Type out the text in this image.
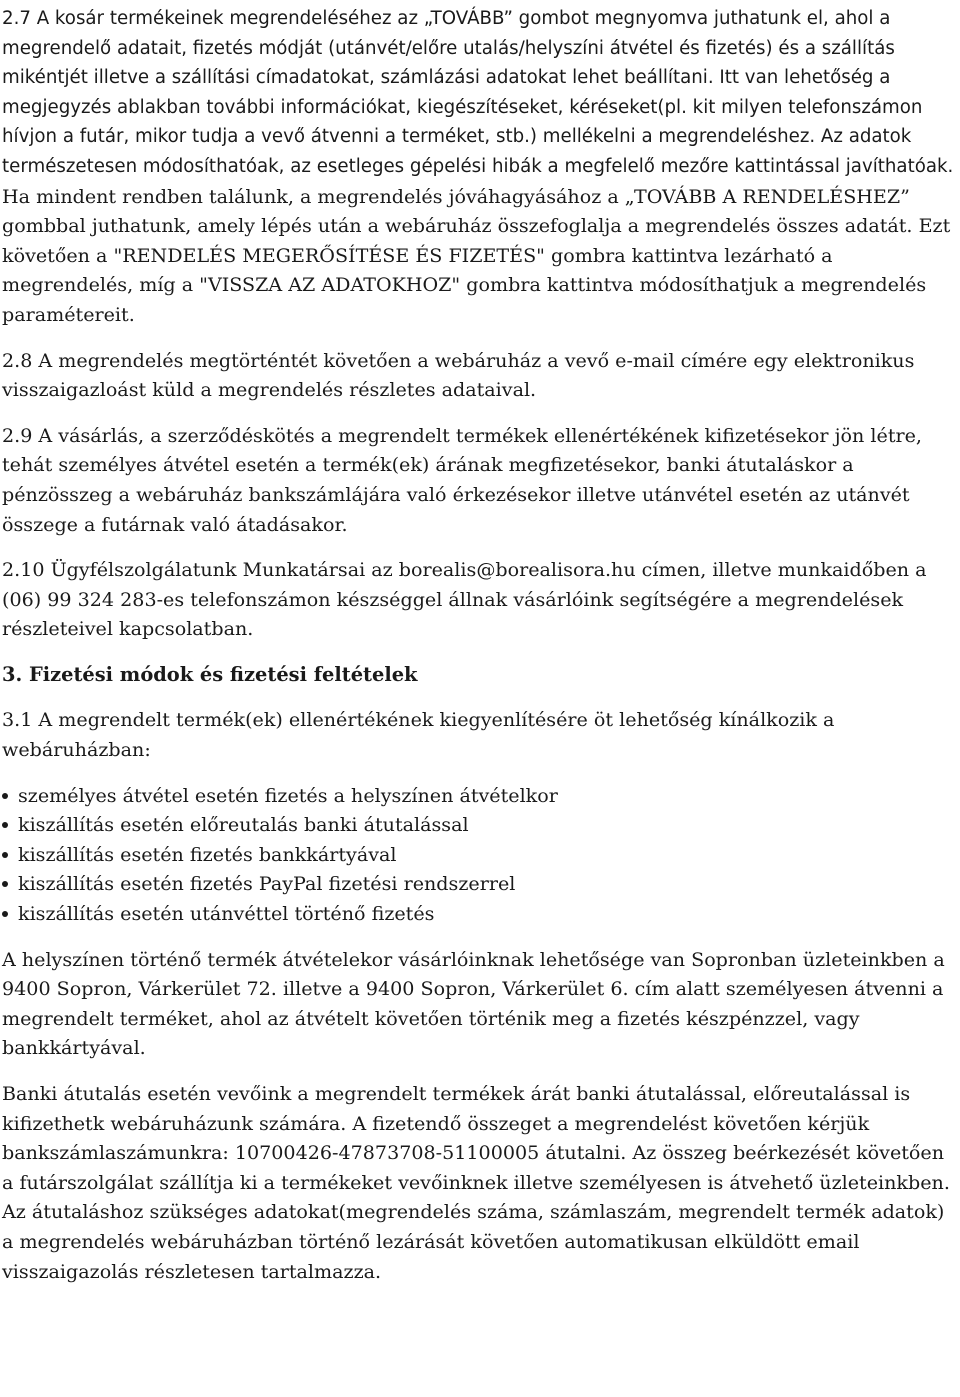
2.7 A kosár termékeinek megrendeléséhez az „TOVÁBB” gombot megnyomva juthatunk el, ahol a megrendelő adatait, fizetés módját (utánvét/előre utalás/helyszíni átvétel és fizetés) és a szállítás mikéntjét illetve a szállítási címadatokat, számlázási adatokat lehet beállítani. Itt van lehetőség a megjegyzés ablakban további információkat, kiegészítéseket, kéréseket(pl. kit milyen telefonszámon hívjon a futár, mikor tudja a vevő átvenni a terméket, stb.) mellékelni a megrendeléshez. Az adatok természetesen módosíthatóak, az esetleges gépelési hibák a megfelelő mezőre kattintással javíthatóak.

Ha mindent rendben találunk, a megrendelés jóváhagyásához a „TOVÁBB A RENDELÉSHEZ” gombbal juthatunk, amely lépés után a webáruház összefoglalja a megrendelés összes adatát. Ezt követően a "RENDELÉS MEGERŐSÍTÉSE ÉS FIZETÉS" gombra kattintva lezárható a megrendelés, míg a "VISSZA AZ ADATOKHOZ" gombra kattintva módosíthatjuk a megrendelés paramétereit.

2.8 A megrendelés megtörténtét követően a webáruház a vevő e-mail címére egy elektronikus visszaigazloást küld a megrendelés részletes adataival.

2.9 A vásárlás, a szerződéskötés a megrendelt termékek ellenértékének kifizetésekor jön létre, tehát személyes átvétel esetén a termék(ek) árának megfizetésekor, banki átutaláskor a pénzösszeg a webáruház bankszámlájára való érkezésekor illetve utánvétel esetén az utánvét összege a futárnak való átadásakor.

2.10 Ügyfélszolgálatunk Munkatársai az borealis@borealisora.hu címen, illetve munkaidőben a (06) 99 324 283-es telefonszámon készséggel állnak vásárlóink segítségére a megrendelések részleteivel kapcsolatban.

3. Fizetési módok és fizetési feltételek

3.1 A megrendelt termék(ek) ellenértékének kiegyenlítésére öt lehetőség kínálkozik a webáruházban:

személyes átvétel esetén fizetés a helyszínen átvételkor
kiszállítás esetén előreutalás banki átutalással
kiszállítás esetén fizetés bankkártyával
kiszállítás esetén fizetés PayPal fizetési rendszerrel
kiszállítás esetén utánvéttel történő fizetés

A helyszínen történő termék átvételekor vásárlóinknak lehetősége van Sopronban üzleteinkben a 9400 Sopron, Várkerület 72. illetve a 9400 Sopron, Várkerület 6. cím alatt személyesen átvenni a megrendelt terméket, ahol az átvételt követően történik meg a fizetés készpénzzel, vagy bankkártyával.

Banki átutalás esetén vevőink a megrendelt termékek árát banki átutalással, előreutalással is kifizethetk webáruházunk számára. A fizetendő összeget a megrendelést követően kérjük bankszámlaszámunkra: 10700426-47873708-51100005 átutalni. Az összeg beérkezését követően a futárszolgálat szállítja ki a termékeket vevőinknek illetve személyesen is átvehető üzleteinkben.

Az átutaláshoz szükséges adatokat(megrendelés száma, számlaszám, megrendelt termék adatok) a megrendelés webáruházban történő lezárását követően automatikusan elküldött email visszaigazolás részletesen tartalmazza.
